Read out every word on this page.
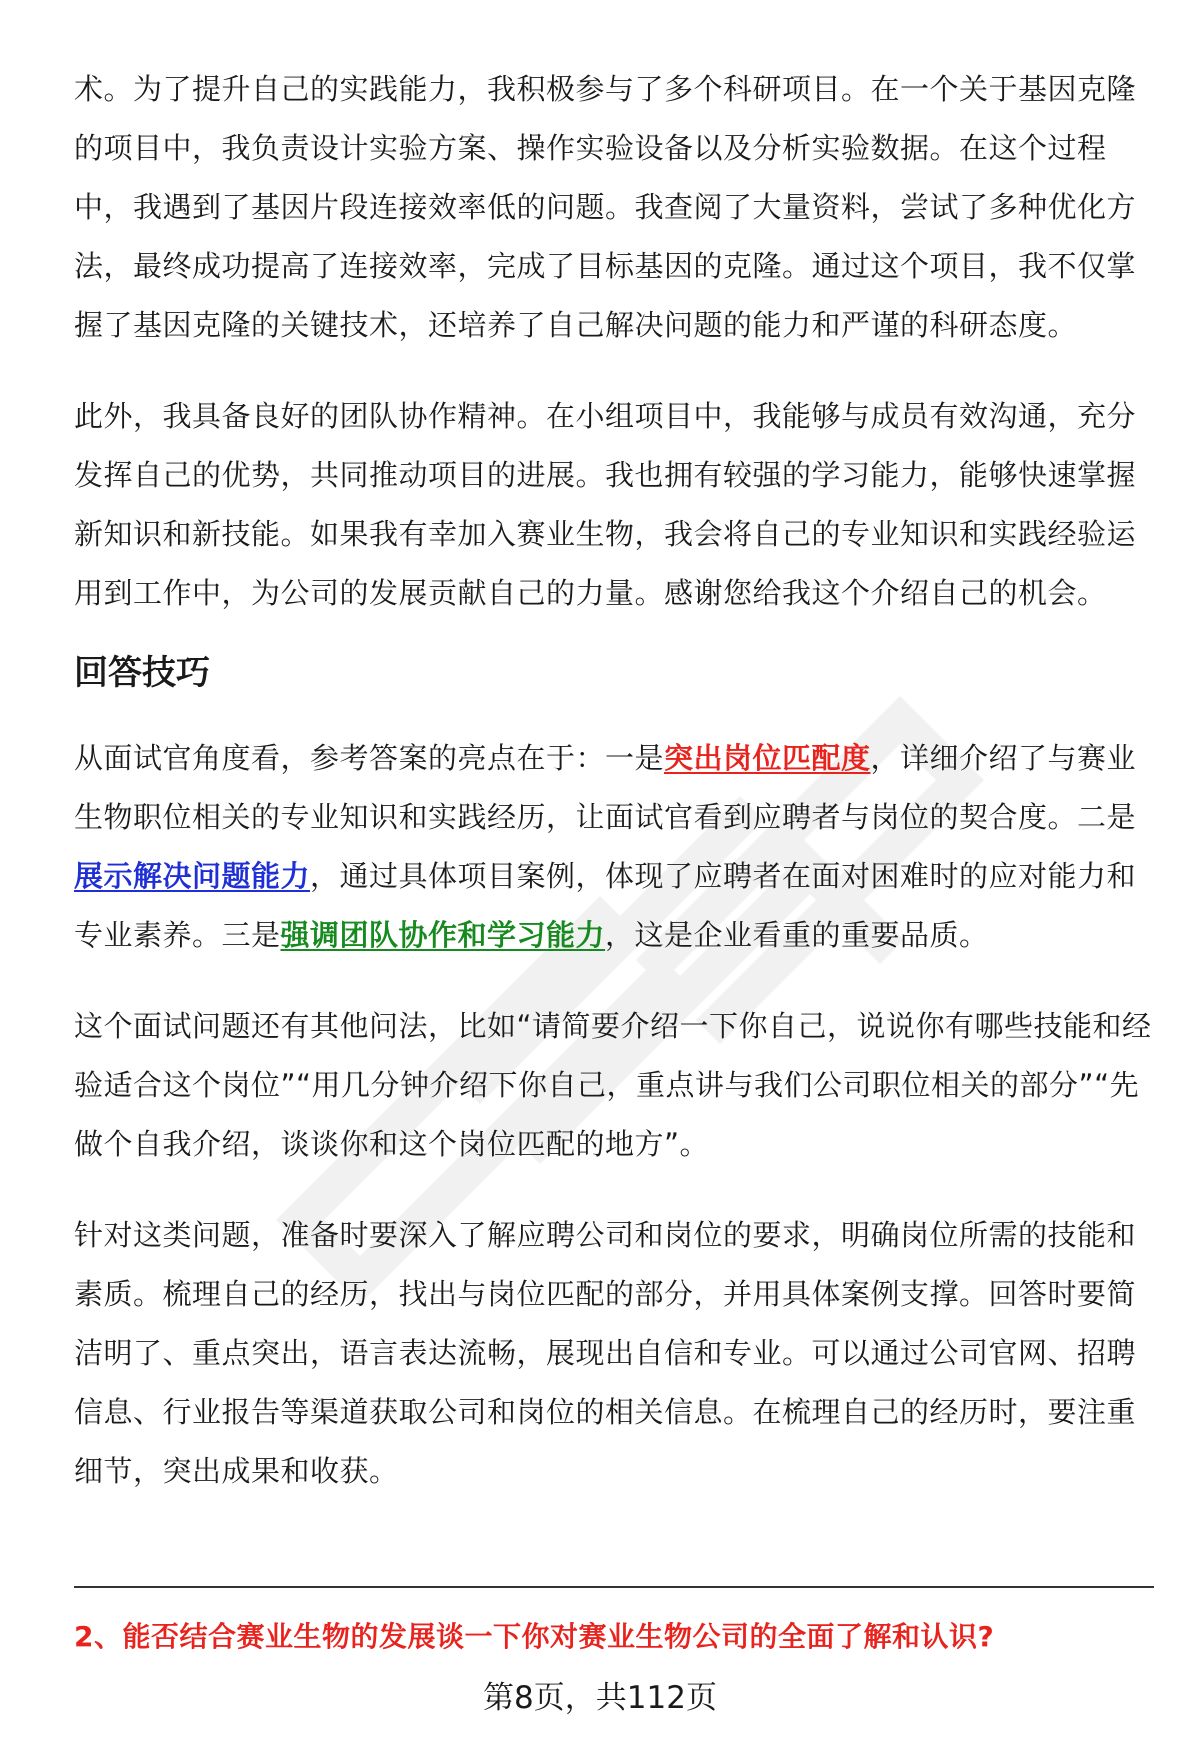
术。为了提升自己的实践能力，我积极参与了多个科研项目。在一个关于基因克隆的项目中，我负责设计实验方案、操作实验设备以及分析实验数据。在这个过程中，我遇到了基因片段连接效率低的问题。我查阅了大量资料，尝试了多种优化方法，最终成功提高了连接效率，完成了目标基因的克隆。通过这个项目，我不仅掌握了基因克隆的关键技术，还培养了自己解决问题的能力和严谨的科研态度。

此外，我具备良好的团队协作精神。在小组项目中，我能够与成员有效沟通，充分发挥自己的优势，共同推动项目的进展。我也拥有较强的学习能力，能够快速掌握新知识和新技能。如果我有幸加入赛业生物，我会将自己的专业知识和实践经验运用到工作中，为公司的发展贡献自己的力量。感谢您给我这个介绍自己的机会。

回答技巧

从面试官角度看，参考答案的亮点在于：一是突出岗位匹配度，详细介绍了与赛业生物职位相关的专业知识和实践经历，让面试官看到应聘者与岗位的契合度。二是展示解决问题能力，通过具体项目案例，体现了应聘者在面对困难时的应对能力和专业素养。三是强调团队协作和学习能力，这是企业看重的重要品质。

这个面试问题还有其他问法，比如“请简要介绍一下你自己，说说你有哪些技能和经验适合这个岗位”“用几分钟介绍下你自己，重点讲与我们公司职位相关的部分”“先做个自我介绍，谈谈你和这个岗位匹配的地方”。

针对这类问题，准备时要深入了解应聘公司和岗位的要求，明确岗位所需的技能和素质。梳理自己的经历，找出与岗位匹配的部分，并用具体案例支撑。回答时要简洁明了、重点突出，语言表达流畅，展现出自信和专业。可以通过公司官网、招聘信息、行业报告等渠道获取公司和岗位的相关信息。在梳理自己的经历时，要注重细节，突出成果和收获。

2、能否结合赛业生物的发展谈一下你对赛业生物公司的全面了解和认识?
第8页，共112页
